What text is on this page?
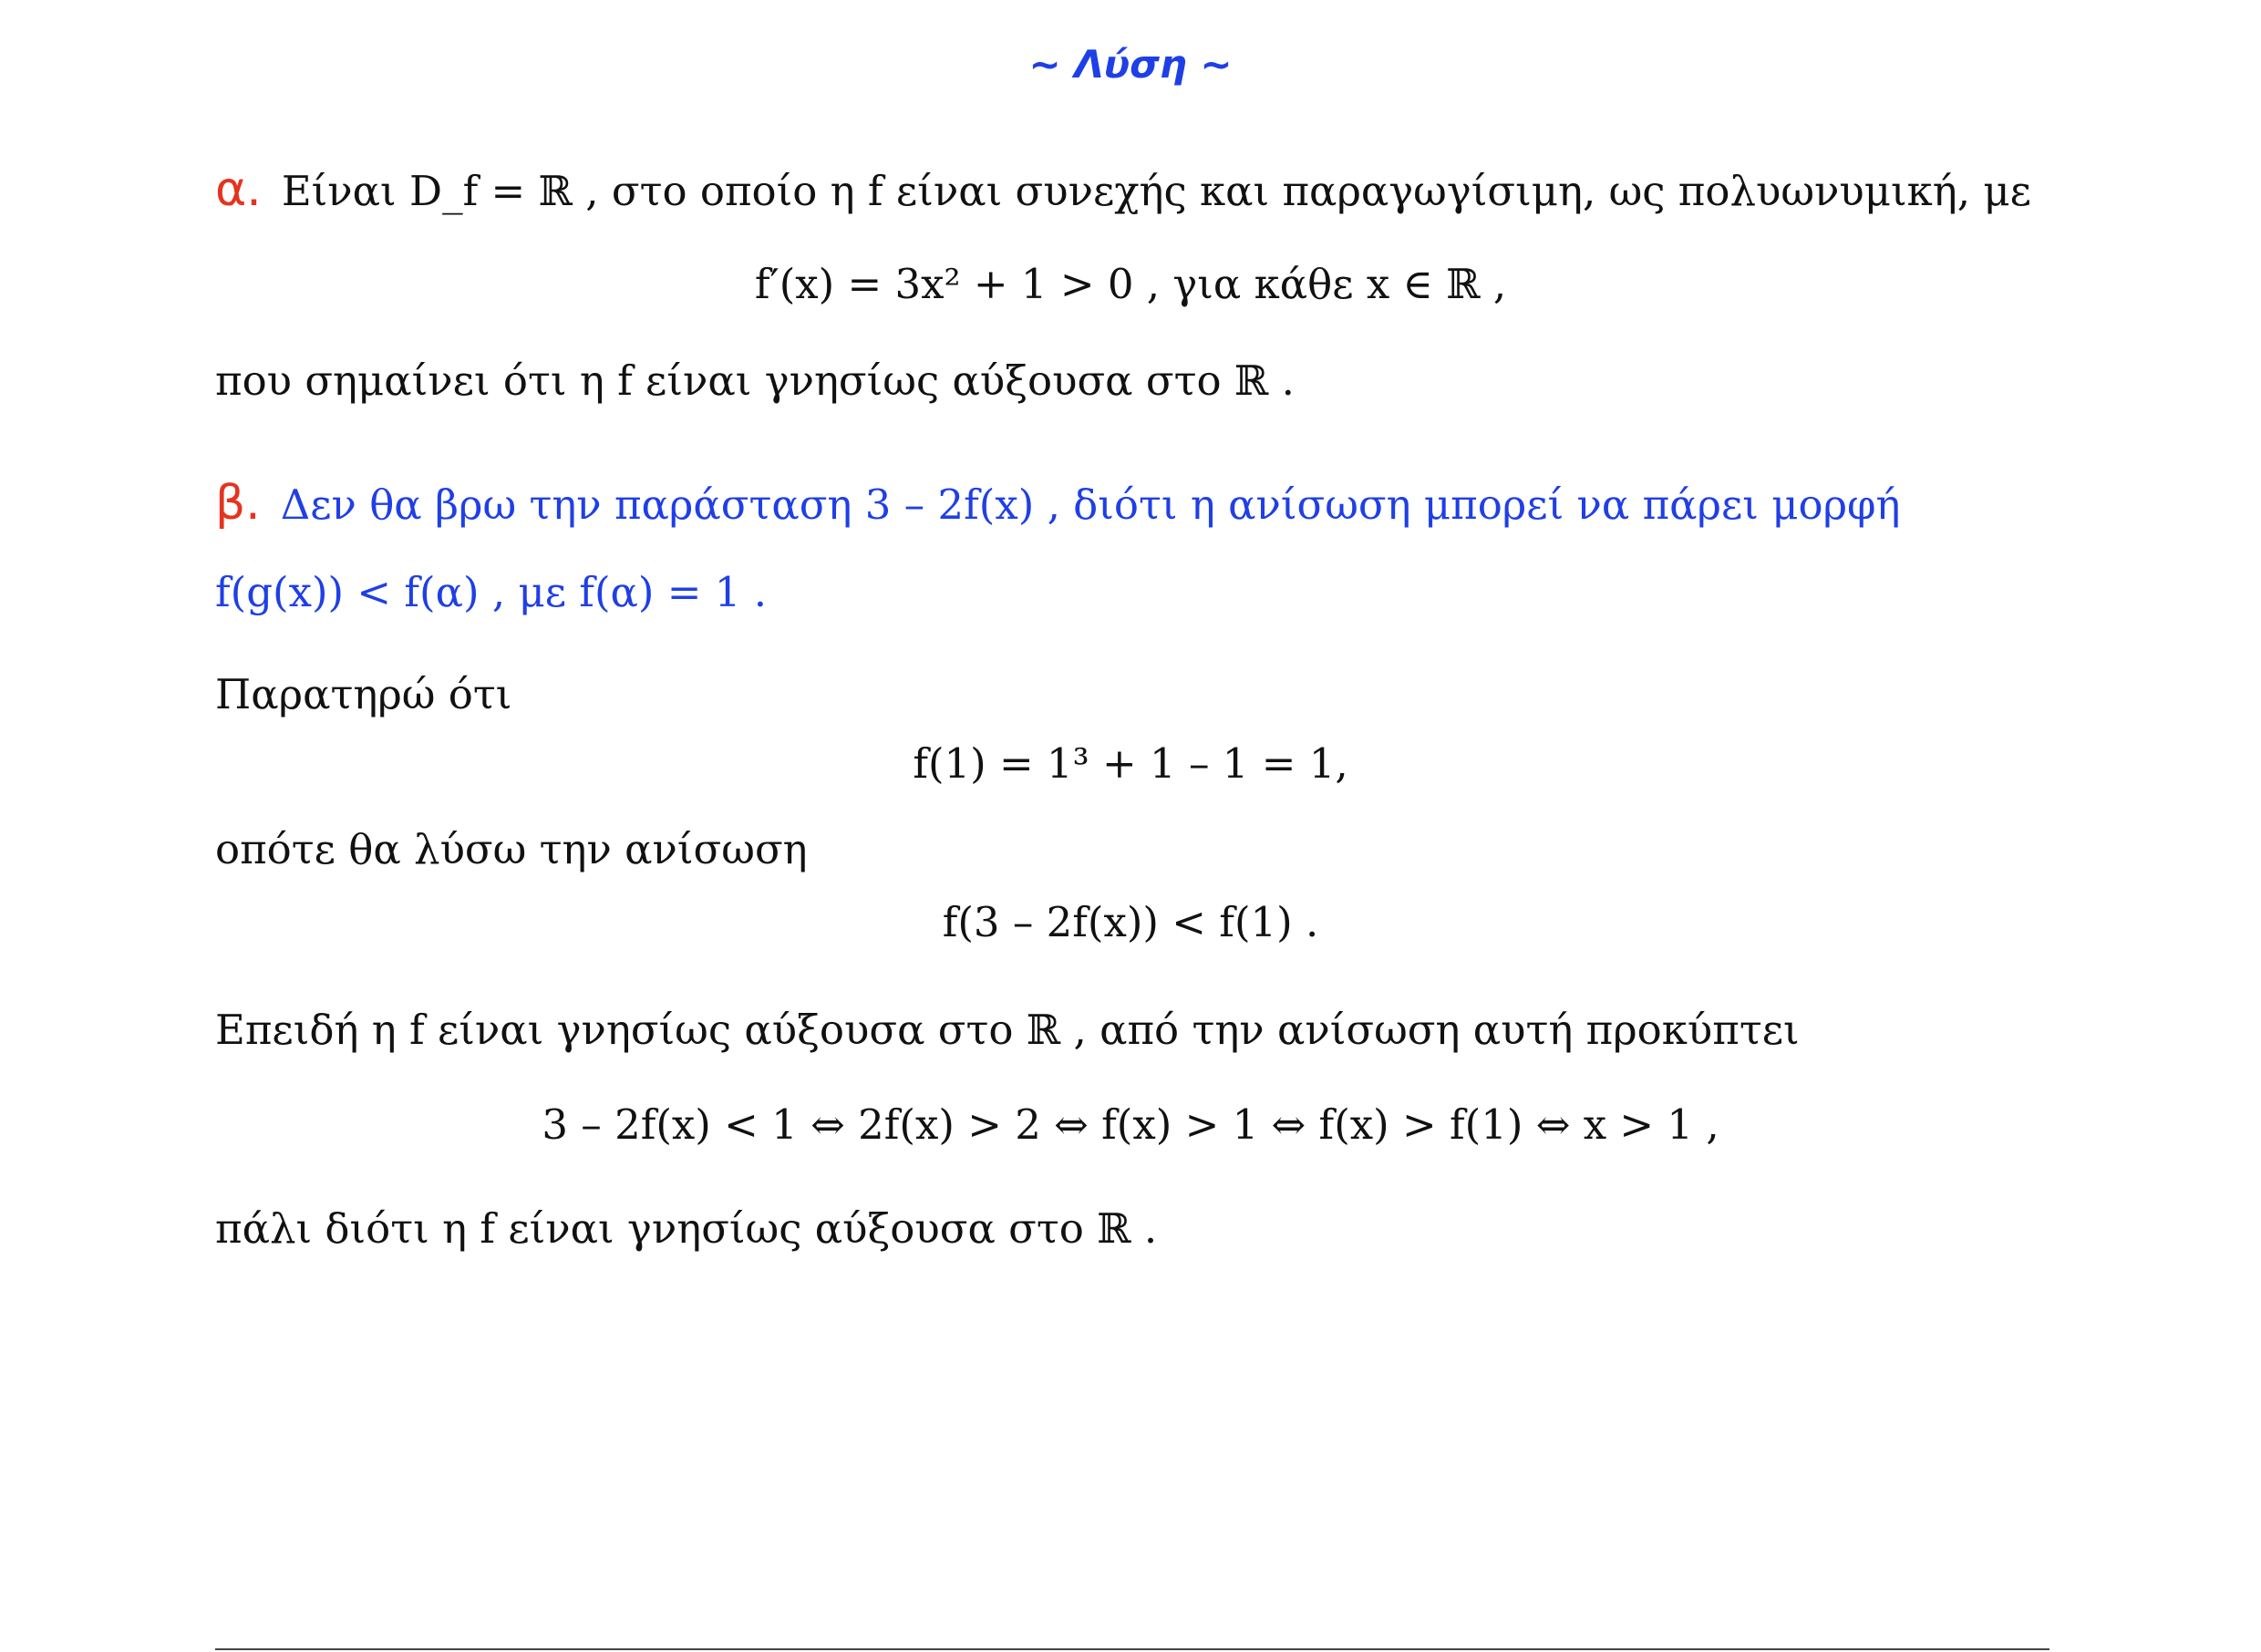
~ Λύση ~
α. Είναι D_f = ℝ , στο οποίο η f είναι συνεχής και παραγωγίσιμη, ως πολυωνυμική, με
f′(x) = 3x² + 1 > 0 , για κάθε x ∈ ℝ ,
που σημαίνει ότι η f είναι γνησίως αύξουσα στο ℝ .
β. Δεν θα βρω την παράσταση 3 – 2f(x) , διότι η ανίσωση μπορεί να πάρει μορφή
f(g(x)) < f(α) , με f(α) = 1 .
Παρατηρώ ότι
f(1) = 1³ + 1 – 1 = 1,
οπότε θα λύσω την ανίσωση
f(3 – 2f(x)) < f(1) .
Επειδή η f είναι γνησίως αύξουσα στο ℝ , από την ανίσωση αυτή προκύπτει
3 – 2f(x) < 1 ⇔ 2f(x) > 2 ⇔ f(x) > 1 ⇔ f(x) > f(1) ⇔ x > 1 ,
πάλι διότι η f είναι γνησίως αύξουσα στο ℝ .
